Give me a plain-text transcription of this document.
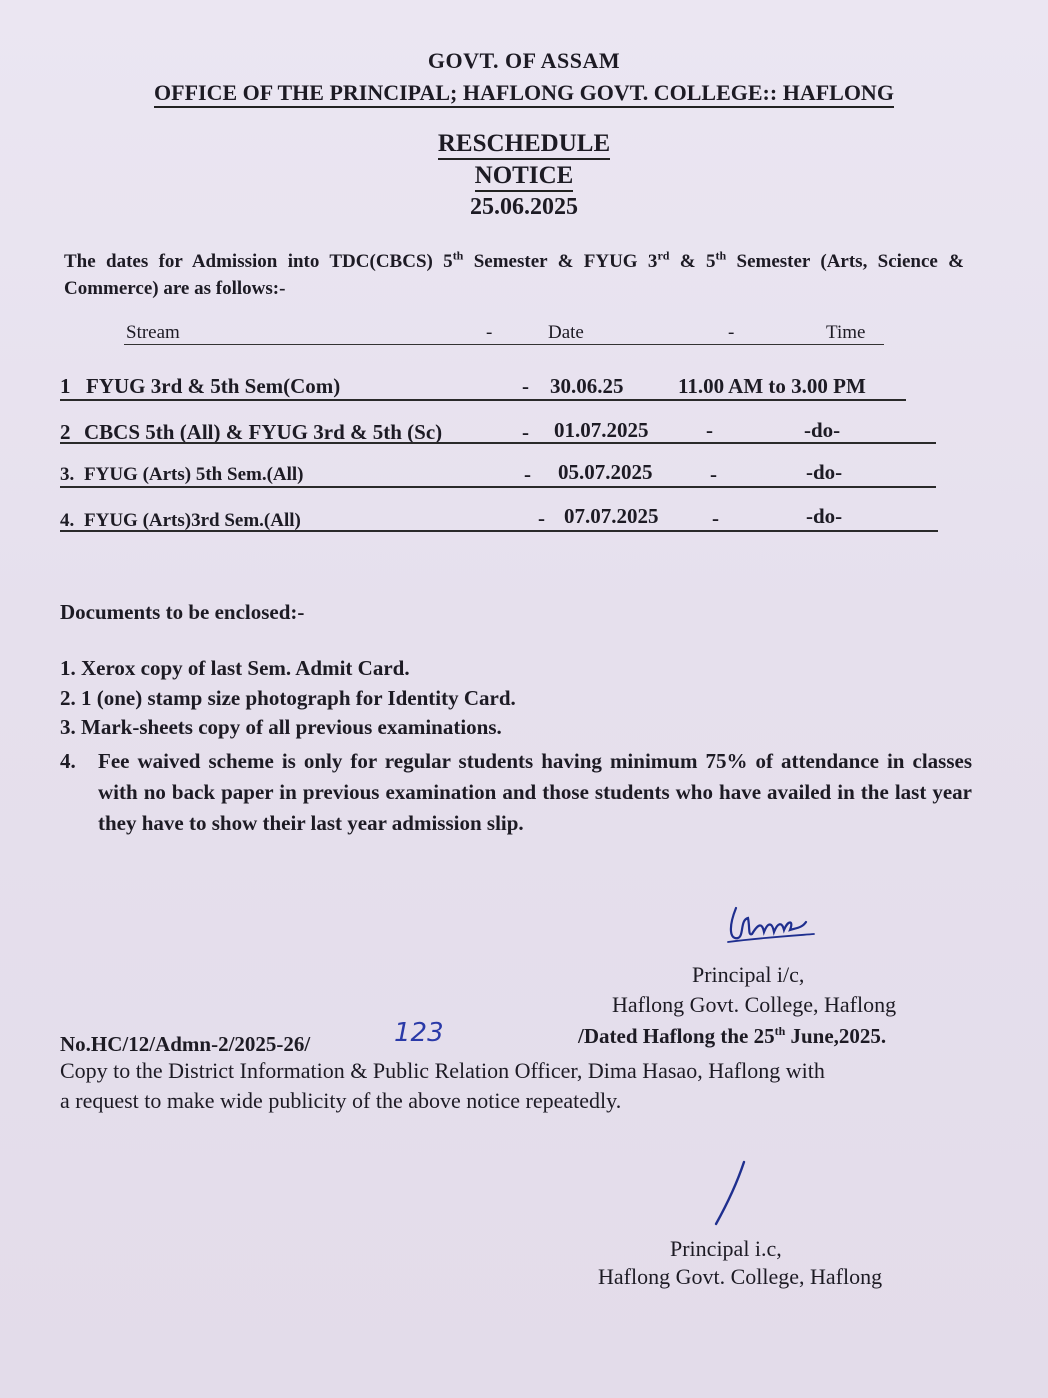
GOVT. OF ASSAM
OFFICE OF THE PRINCIPAL; HAFLONG GOVT. COLLEGE:: HAFLONG
RESCHEDULE
NOTICE
25.06.2025
The dates for Admission into TDC(CBCS) 5th Semester & FYUG 3rd & 5th Semester (Arts, Science & Commerce) are as follows:-
Stream	-	Date	-	Time
1 FYUG 3rd & 5th Sem(Com)	- 30.06.25	11.00 AM to 3.00 PM
2 CBCS 5th (All) & FYUG 3rd & 5th (Sc)	- 01.07.2025	-	-do-
3. FYUG (Arts) 5th Sem.(All)	- 05.07.2025	-	-do-
4. FYUG (Arts)3rd Sem.(All)	- 07.07.2025	-	-do-
Documents to be enclosed:-
1. Xerox copy of last Sem. Admit Card.
2. 1 (one) stamp size photograph for Identity Card.
3. Mark-sheets copy of all previous examinations.
4. Fee waived scheme is only for regular students having minimum 75% of attendance in classes with no back paper in previous examination and those students who have availed in the last year they have to show their last year admission slip.
Principal i/c,
Haflong Govt. College, Haflong
No.HC/12/Admn-2/2025-26/	123	/Dated Haflong the 25th June,2025.
Copy to the District Information & Public Relation Officer, Dima Hasao, Haflong with
a request to make wide publicity of the above notice repeatedly.
Principal i.c,
Haflong Govt. College, Haflong
